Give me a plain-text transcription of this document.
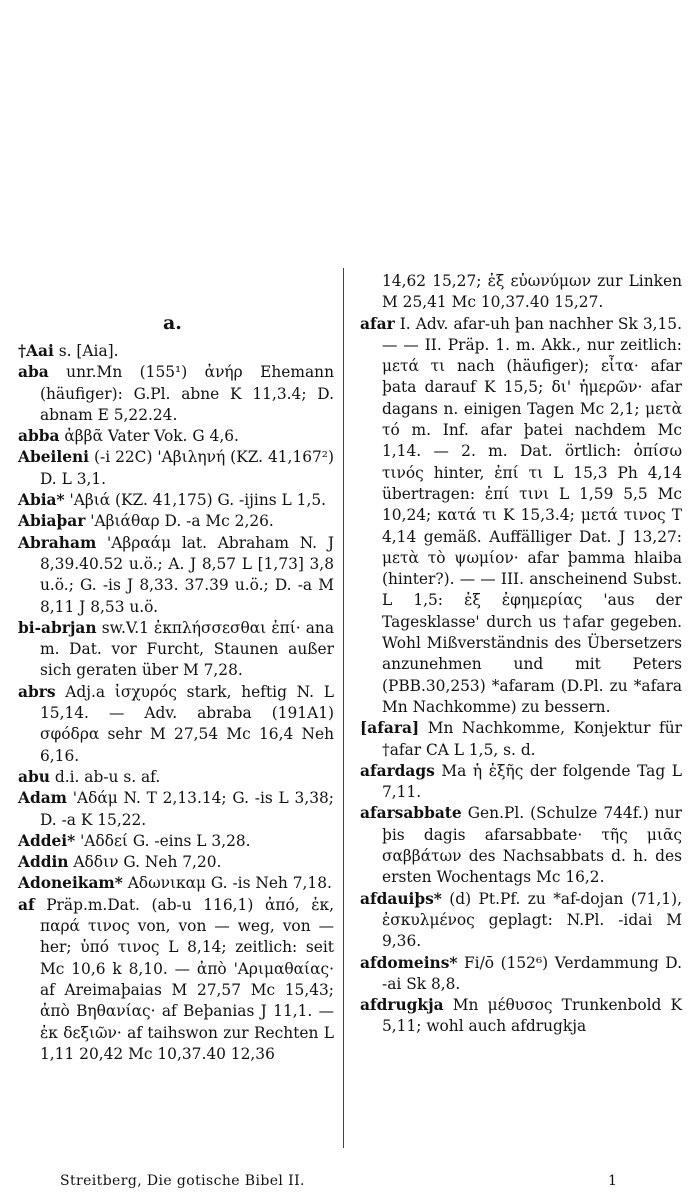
a.

†Aai s. [Aia].

aba unr.Mn (155¹) ἀνήρ Ehemann (häufiger): G.Pl. abne K 11,3.4; D. abnam E 5,22.24.

abba ἀββᾶ Vater Vok. G 4,6.

Abeileni (-i 22C) 'Αβιληνή (KZ. 41,167²) D. L 3,1.

Abia* 'Αβιά (KZ. 41,175) G. -ijins L 1,5.

Abiaþar 'Αβιάθαρ D. -a Mc 2,26.

Abraham 'Αβραάμ lat. Abraham N. J 8,39.40.52 u.ö.; A. J 8,57 L [1,73] 3,8 u.ö.; G. -is J 8,33. 37.39 u.ö.; D. -a M 8,11 J 8,53 u.ö.

bi-abrjan sw.V.1 ἐκπλήσσεσθαι ἐπί· ana m. Dat. vor Furcht, Staunen außer sich geraten über M 7,28.

abrs Adj.a ἰσχυρός stark, heftig N. L 15,14. — Adv. abraba (191A1) σφόδρα sehr M 27,54 Mc 16,4 Neh 6,16.

abu d.i. ab-u s. af.

Adam 'Αδάμ N. T 2,13.14; G. -is L 3,38; D. -a K 15,22.

Addei* 'Αδδεί G. -eins L 3,28.

Addin Αδδιν G. Neh 7,20.

Adoneikam* Αδωνικαμ G. -is Neh 7,18.

af Präp.m.Dat. (ab-u 116,1) ἀπό, ἐκ, παρά τινος von, von — weg, von — her; ὑπό τινος L 8,14; zeitlich: seit Mc 10,6 k 8,10. — ἀπὸ 'Αριμαθαίας· af Areimaþaias M 27,57 Mc 15,43; ἀπὸ Βηθανίας· af Beþanias J 11,1. — ἐκ δεξιῶν· af taihswon zur Rechten L 1,11 20,42 Mc 10,37.40 12,36

14,62 15,27; ἐξ εὐωνύμων zur Linken M 25,41 Mc 10,37.40 15,27.

afar I. Adv. afar-uh þan nachher Sk 3,15. — — II. Präp. 1. m. Akk., nur zeitlich: μετά τι nach (häufiger); εἶτα· afar þata darauf K 15,5; δι' ἡμερῶν· afar dagans n. einigen Tagen Mc 2,1; μετὰ τό m. Inf. afar þatei nachdem Mc 1,14. — 2. m. Dat. örtlich: ὀπίσω τινός hinter, ἐπί τι L 15,3 Ph 4,14 übertragen: ἐπί τινι L 1,59 5,5 Mc 10,24; κατά τι K 15,3.4; μετά τινος T 4,14 gemäß. Auffälliger Dat. J 13,27: μετὰ τὸ ψωμίον· afar þamma hlaiba (hinter?). — — III. anscheinend Subst. L 1,5: ἐξ ἐφημερίας 'aus der Tagesklasse' durch us †afar gegeben. Wohl Mißverständnis des Übersetzers anzunehmen und mit Peters (PBB.30,253) *afaram (D.Pl. zu *afara Mn Nachkomme) zu bessern.

[afara] Mn Nachkomme, Konjektur für †afar CA L 1,5, s. d.

afardags Ma ἡ ἑξῆς der folgende Tag L 7,11.

afarsabbate Gen.Pl. (Schulze 744f.) nur þis dagis afarsabbate· τῆς μιᾶς σαββάτων des Nachsabbats d. h. des ersten Wochentags Mc 16,2.

afdauiþs* (d) Pt.Pf. zu *af-dojan (71,1), ἐσκυλμένος geplagt: N.Pl. -idai M 9,36.

afdomeins* Fi/ō (152⁶) Verdammung D. -ai Sk 8,8.

afdrugkja Mn μέθυσος Trunkenbold K 5,11; wohl auch afdrugkja

Streitberg, Die gotische Bibel II.	1
